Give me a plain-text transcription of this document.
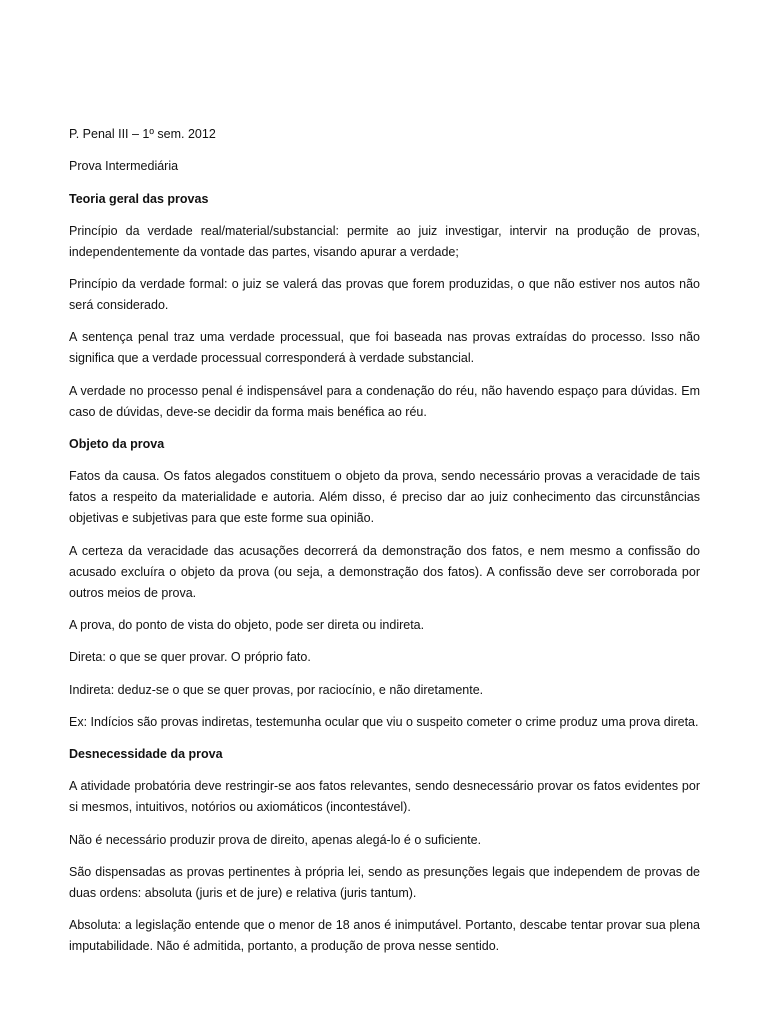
P. Penal III – 1º sem. 2012

Prova Intermediária

Teoria geral das provas

Princípio da verdade real/material/substancial: permite ao juiz investigar, intervir na produção de provas, independentemente da vontade das partes, visando apurar a verdade;

Princípio da verdade formal: o juiz se valerá das provas que forem produzidas, o que não estiver nos autos não será considerado.

A sentença penal traz uma verdade processual, que foi baseada nas provas extraídas do processo. Isso não significa que a verdade processual corresponderá à verdade substancial.

A verdade no processo penal é indispensável para a condenação do réu, não havendo espaço para dúvidas. Em caso de dúvidas, deve-se decidir da forma mais benéfica ao réu.

Objeto da prova

Fatos da causa. Os fatos alegados constituem o objeto da prova, sendo necessário provas a veracidade de tais fatos a respeito da materialidade e autoria. Além disso, é preciso dar ao juiz conhecimento das circunstâncias objetivas e subjetivas para que este forme sua opinião.

A certeza da veracidade das acusações decorrerá da demonstração dos fatos, e nem mesmo a confissão do acusado excluíra o objeto da prova (ou seja, a demonstração dos fatos). A confissão deve ser corroborada por outros meios de prova.

A prova, do ponto de vista do objeto, pode ser direta ou indireta.

Direta: o que se quer provar. O próprio fato.

Indireta: deduz-se o que se quer provas, por raciocínio, e não diretamente.

Ex: Indícios são provas indiretas, testemunha ocular que viu o suspeito cometer o crime produz uma prova direta.

Desnecessidade da prova

A atividade probatória deve restringir-se aos fatos relevantes, sendo desnecessário provar os fatos evidentes por si mesmos, intuitivos, notórios ou axiomáticos (incontestável).

Não é necessário produzir prova de direito, apenas alegá-lo é o suficiente.

São dispensadas as provas pertinentes à própria lei, sendo as presunções legais que independem de provas de duas ordens: absoluta (juris et de jure) e relativa (juris tantum).

Absoluta: a legislação entende que o menor de 18 anos é inimputável. Portanto, descabe tentar provar sua plena imputabilidade. Não é admitida, portanto, a produção de prova nesse sentido.
